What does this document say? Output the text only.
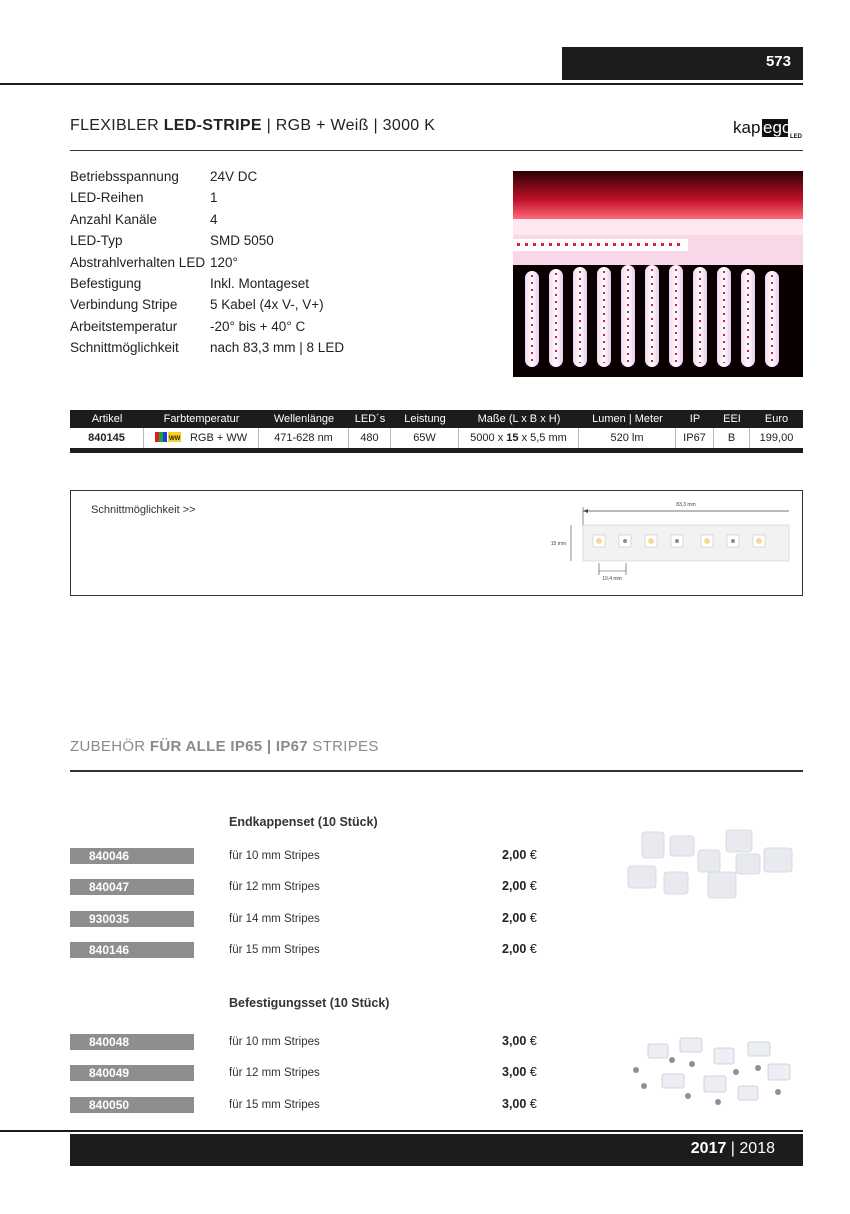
573
FLEXIBLER LED-STRIPE | RGB + Weiß | 3000 K	kap ego
LED
Betriebsspannung	24V DC
LED-Reihen	1
Anzahl Kanäle	4
LED-Typ	SMD 5050
Abstrahlverhalten LED 120°
Befestigung	Inkl. Montageset
Verbindung Stripe	5 Kabel (4x V-, V+)
Arbeitstemperatur	-20° bis + 40° C
Schnittmöglichkeit	nach 83,3 mm | 8 LED
Artikel	Farbtemperatur	Wellenlänge	LED´s	Leistung	Maße (L x B x H)	Lumen | Meter	IP	EEI	Euro
840145	WW RGB + WW	471-628 nm	480	65W	5000 x 15 x 5,5 mm	520 lm	IP67	B	199,00
Schnittmöglichkeit >>	83,3 mm
15 mm
10,4 mm
ZUBEHÖR FÜR ALLE IP65 | IP67 STRIPES
Endkappenset (10 Stück)
840046	für 10 mm Stripes	2,00 €
840047	für 12 mm Stripes	2,00 €
930035	für 14 mm Stripes	2,00 €
840146	für 15 mm Stripes	2,00 €
Befestigungsset (10 Stück)
840048	für 10 mm Stripes	3,00 €
840049	für 12 mm Stripes	3,00 €
840050	für 15 mm Stripes	3,00 €
2017 | 2018
